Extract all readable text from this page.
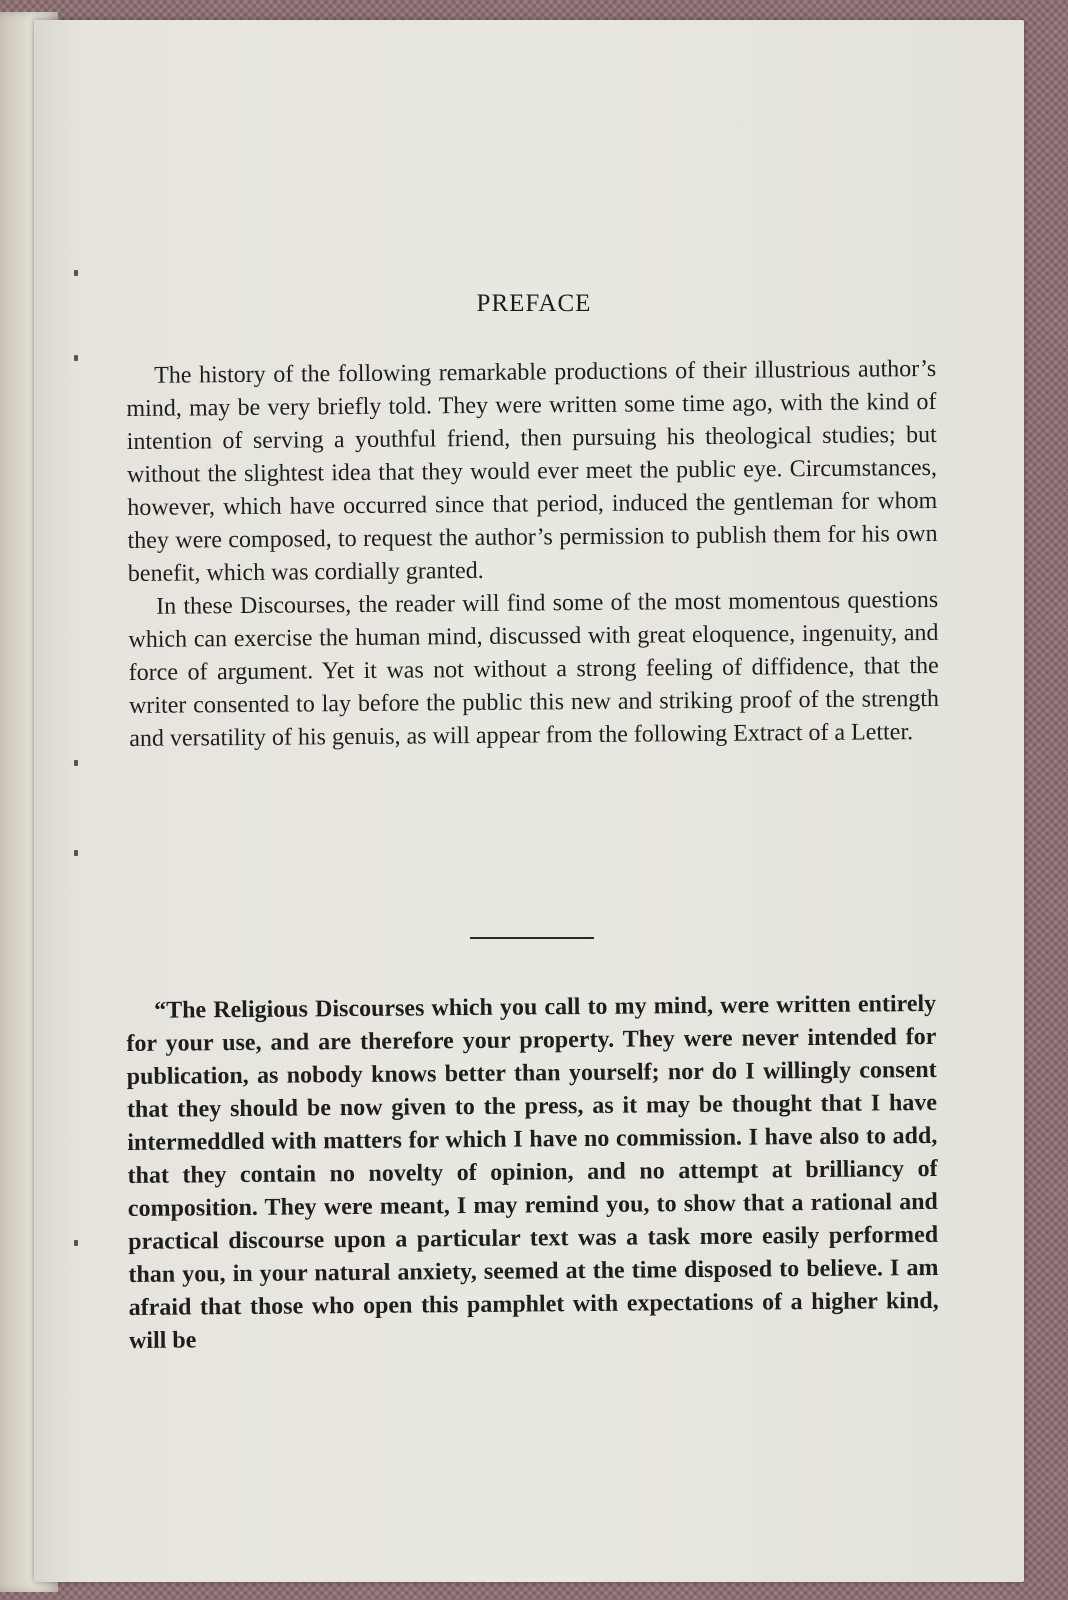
PREFACE

The history of the following remarkable productions of their illustrious author’s mind, may be very briefly told. They were written some time ago, with the kind of intention of serving a youthful friend, then pursuing his theological studies; but without the slightest idea that they would ever meet the public eye. Circumstances, however, which have occurred since that period, induced the gentleman for whom they were composed, to request the author’s permission to publish them for his own benefit, which was cordially granted.

In these Discourses, the reader will find some of the most momentous questions which can exercise the human mind, discussed with great eloquence, ingenuity, and force of argument. Yet it was not without a strong feeling of diffidence, that the writer consented to lay before the public this new and striking proof of the strength and versatility of his genuis, as will appear from the following Extract of a Letter.

“The Religious Discourses which you call to my mind, were written entirely for your use, and are therefore your property. They were never intended for publication, as nobody knows better than yourself; nor do I willingly consent that they should be now given to the press, as it may be thought that I have intermeddled with matters for which I have no commission. I have also to add, that they contain no novelty of opinion, and no attempt at brilliancy of composition. They were meant, I may remind you, to show that a rational and practical discourse upon a particular text was a task more easily performed than you, in your natural anxiety, seemed at the time disposed to believe. I am afraid that those who open this pamphlet with expectations of a higher kind, will be
